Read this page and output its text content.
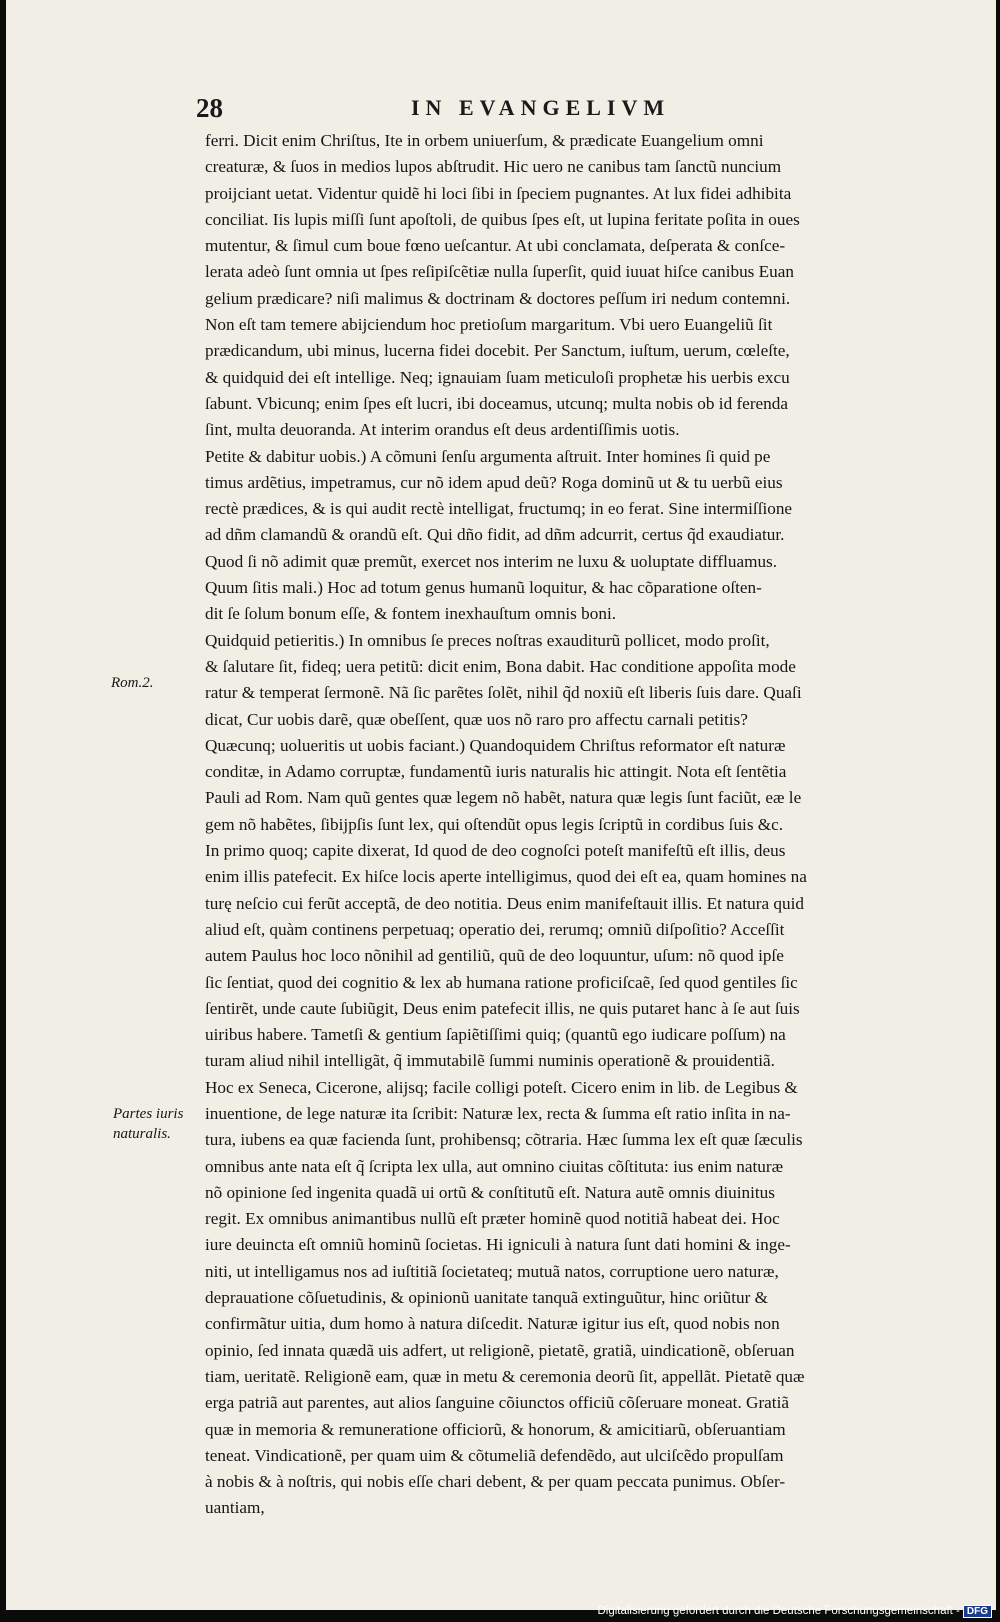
28	IN EVANGELIVM
Rom.2.
Partes iuris
naturalis.
ferri. Dicit enim Chriſtus, Ite in orbem uniuerſum, & prædicate Euangelium omni
creaturæ, & ſuos in medios lupos abſtrudit. Hic uero ne canibus tam ſanctũ nuncium
proijciant uetat. Videntur quidẽ hi loci ſibi in ſpeciem pugnantes. At lux fidei adhibita
conciliat. Iis lupis miſſi ſunt apoſtoli, de quibus ſpes eſt, ut lupina feritate poſita in oues
mutentur, & ſimul cum boue fœno ueſcantur. At ubi conclamata, deſperata & conſce-
lerata adeò ſunt omnia ut ſpes reſipiſcẽtiæ nulla ſuperſit, quid iuuat hiſce canibus Euan
gelium prædicare? niſi malimus & doctrinam & doctores peſſum iri nedum contemni.
Non eſt tam temere abijciendum hoc pretioſum margaritum. Vbi uero Euangeliũ ſit
prædicandum, ubi minus, lucerna fidei docebit. Per Sanctum, iuſtum, uerum, cœleſte,
& quidquid dei eſt intellige. Neq; ignauiam ſuam meticuloſi prophetæ his uerbis excu
ſabunt. Vbicunq; enim ſpes eſt lucri, ibi doceamus, utcunq; multa nobis ob id ferenda
ſint, multa deuoranda. At interim orandus eſt deus ardentiſſimis uotis.
Petite & dabitur uobis.) A cõmuni ſenſu argumenta aſtruit. Inter homines ſi quid pe
timus ardẽtius, impetramus, cur nõ idem apud deũ? Roga dominũ ut & tu uerbũ eius
rectè prædices, & is qui audit rectè intelligat, fructumq; in eo ferat. Sine intermiſſione
ad dñm clamandũ & orandũ eſt. Qui dño fidit, ad dñm adcurrit, certus q̃d exaudiatur.
Quod ſi nõ adimit quæ premũt, exercet nos interim ne luxu & uoluptate diffluamus.
Quum ſitis mali.) Hoc ad totum genus humanũ loquitur, & hac cõparatione oſten-
dit ſe ſolum bonum eſſe, & fontem inexhauſtum omnis boni.
Quidquid petieritis.) In omnibus ſe preces noſtras exauditurũ pollicet, modo proſit,
& ſalutare ſit, fideq; uera petitũ: dicit enim, Bona dabit. Hac conditione appoſita mode
ratur & temperat ſermonẽ. Nã ſic parẽtes ſolẽt, nihil q̃d noxiũ eſt liberis ſuis dare. Quaſi
dicat, Cur uobis darẽ, quæ obeſſent, quæ uos nõ raro pro affectu carnali petitis?
Quæcunq; uolueritis ut uobis faciant.) Quandoquidem Chriſtus reformator eſt naturæ
conditæ, in Adamo corruptæ, fundamentũ iuris naturalis hic attingit. Nota eſt ſentẽtia
Pauli ad Rom. Nam quũ gentes quæ legem nõ habẽt, natura quæ legis ſunt faciũt, eæ le
gem nõ habẽtes, ſibijpſis ſunt lex, qui oſtendũt opus legis ſcriptũ in cordibus ſuis &c.
In primo quoq; capite dixerat, Id quod de deo cognoſci poteſt manifeſtũ eſt illis, deus
enim illis patefecit. Ex hiſce locis aperte intelligimus, quod dei eſt ea, quam homines na
turę neſcio cui ferũt acceptã, de deo notitia. Deus enim manifeſtauit illis. Et natura quid
aliud eſt, quàm continens perpetuaq; operatio dei, rerumq; omniũ diſpoſitio? Acceſſit
autem Paulus hoc loco nõnihil ad gentiliũ, quũ de deo loquuntur, uſum: nõ quod ipſe
ſic ſentiat, quod dei cognitio & lex ab humana ratione proficiſcaẽ, ſed quod gentiles ſic
ſentirẽt, unde caute ſubiũgit, Deus enim patefecit illis, ne quis putaret hanc à ſe aut ſuis
uiribus habere. Tametſi & gentium ſapiẽtiſſimi quiq; (quantũ ego iudicare poſſum) na
turam aliud nihil intelligãt, q̃ immutabilẽ ſummi numinis operationẽ & prouidentiã.
Hoc ex Seneca, Cicerone, alijsq; facile colligi poteſt. Cicero enim in lib. de Legibus &
inuentione, de lege naturæ ita ſcribit: Naturæ lex, recta & ſumma eſt ratio inſita in na-
tura, iubens ea quæ facienda ſunt, prohibensq; cõtraria. Hæc ſumma lex eſt quæ ſæculis
omnibus ante nata eſt q̃ ſcripta lex ulla, aut omnino ciuitas cõſtituta: ius enim naturæ
nõ opinione ſed ingenita quadã ui ortũ & conſtitutũ eſt. Natura autẽ omnis diuinitus
regit. Ex omnibus animantibus nullũ eſt præter hominẽ quod notitiã habeat dei. Hoc
iure deuincta eſt omniũ hominũ ſocietas. Hi igniculi à natura ſunt dati homini & inge-
niti, ut intelligamus nos ad iuſtitiã ſocietateq; mutuã natos, corruptione uero naturæ,
deprauatione cõſuetudinis, & opinionũ uanitate tanquã extinguũtur, hinc oriũtur &
confirmãtur uitia, dum homo à natura diſcedit. Naturæ igitur ius eſt, quod nobis non
opinio, ſed innata quædã uis adfert, ut religionẽ, pietatẽ, gratiã, uindicationẽ, obſeruan
tiam, ueritatẽ. Religionẽ eam, quæ in metu & ceremonia deorũ ſit, appellãt. Pietatẽ quæ
erga patriã aut parentes, aut alios ſanguine cõiunctos officiũ cõſeruare moneat. Gratiã
quæ in memoria & remuneratione officiorũ, & honorum, & amicitiarũ, obſeruantiam
teneat. Vindicationẽ, per quam uim & cõtumeliã defendẽdo, aut ulciſcẽdo propulſam
à nobis & à noſtris, qui nobis eſſe chari debent, & per quam peccata punimus. Obſer-
uantiam,
Digitalisierung gefördert durch die Deutsche Forschungsgemeinschaft - DFG
